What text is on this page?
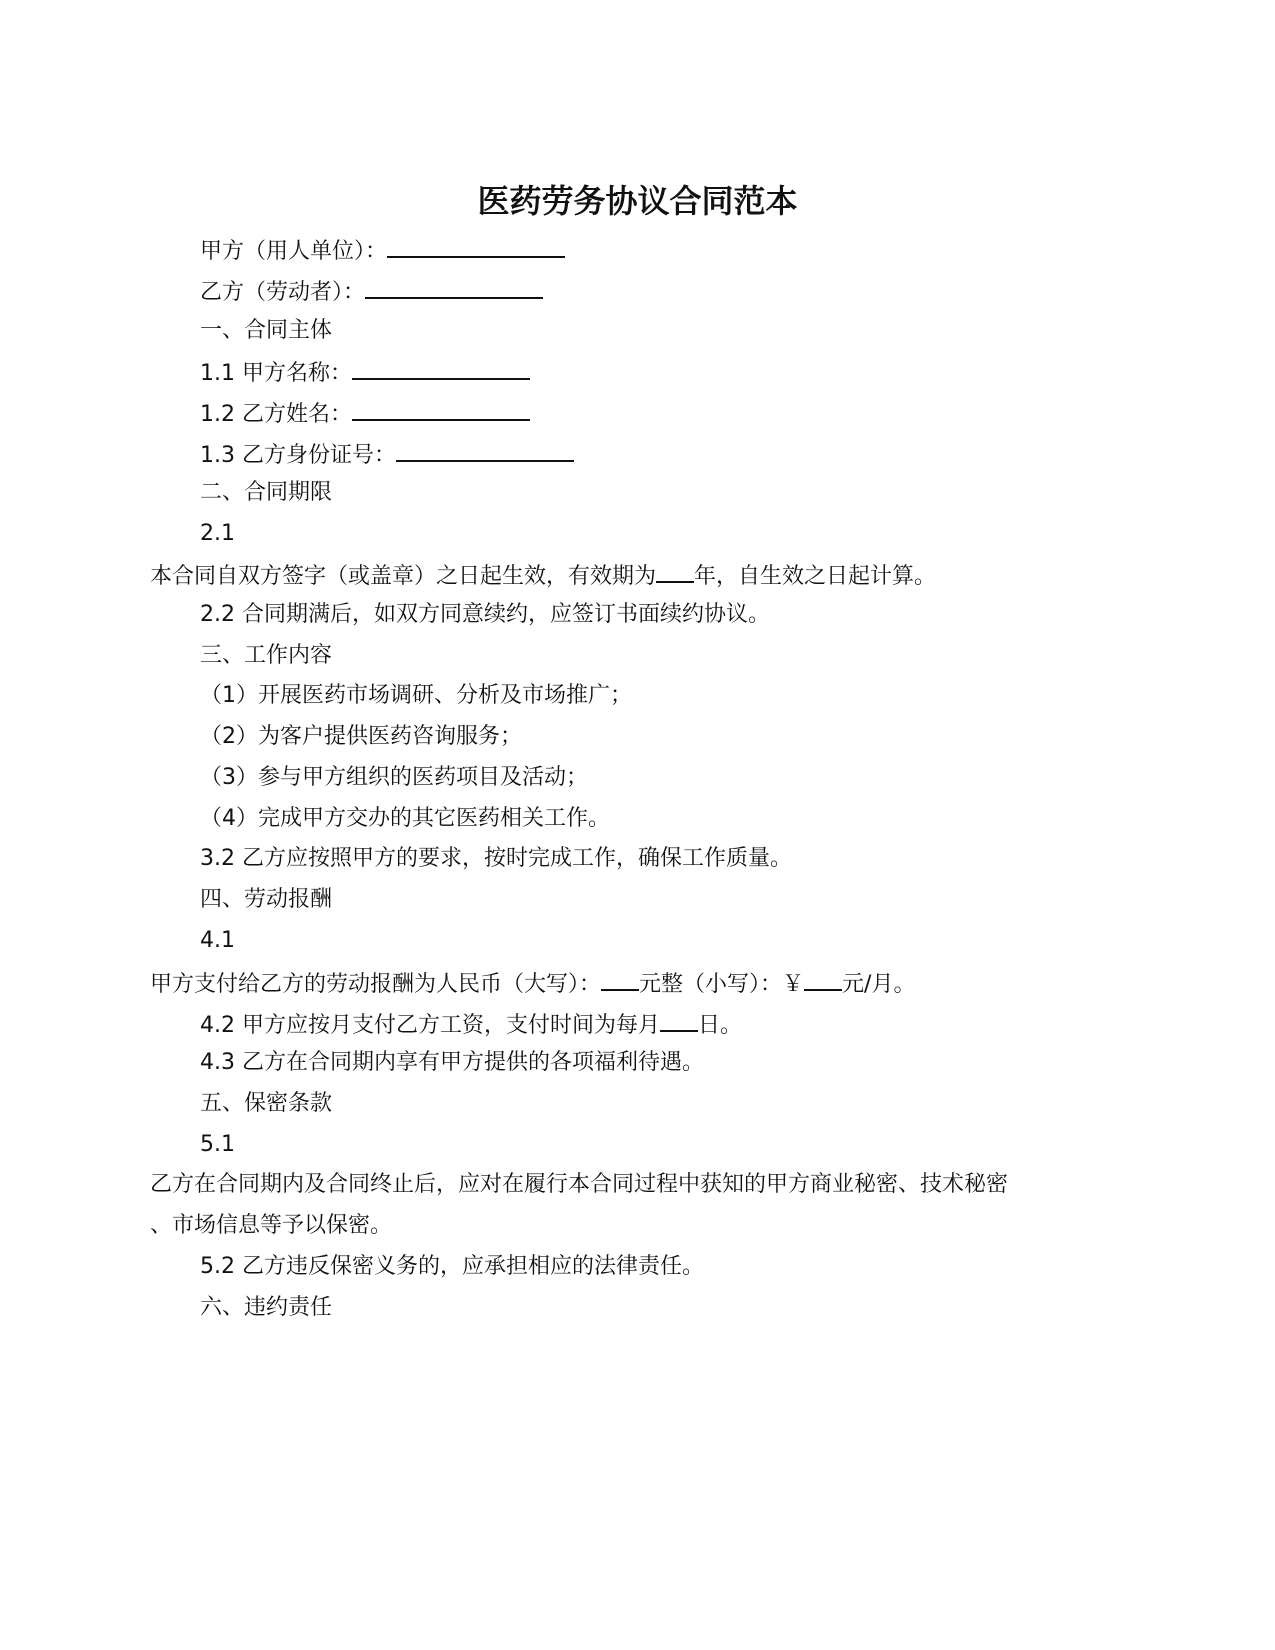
医药劳务协议合同范本
甲方（用人单位）：
乙方（劳动者）：
一、合同主体
1.1 甲方名称：
1.2 乙方姓名：
1.3 乙方身份证号：
二、合同期限
2.1
本合同自双方签字（或盖章）之日起生效，有效期为 年，自生效之日起计算。
2.2 合同期满后，如双方同意续约，应签订书面续约协议。
三、工作内容
（1）开展医药市场调研、分析及市场推广；
（2）为客户提供医药咨询服务；
（3）参与甲方组织的医药项目及活动；
（4）完成甲方交办的其它医药相关工作。
3.2 乙方应按照甲方的要求，按时完成工作，确保工作质量。
四、劳动报酬
4.1
甲方支付给乙方的劳动报酬为人民币（大写）： 元整（小写）：￥ 元/月。
4.2 甲方应按月支付乙方工资，支付时间为每月 日。
4.3 乙方在合同期内享有甲方提供的各项福利待遇。
五、保密条款
5.1
乙方在合同期内及合同终止后，应对在履行本合同过程中获知的甲方商业秘密、技术秘密
、市场信息等予以保密。
5.2 乙方违反保密义务的，应承担相应的法律责任。
六、违约责任
